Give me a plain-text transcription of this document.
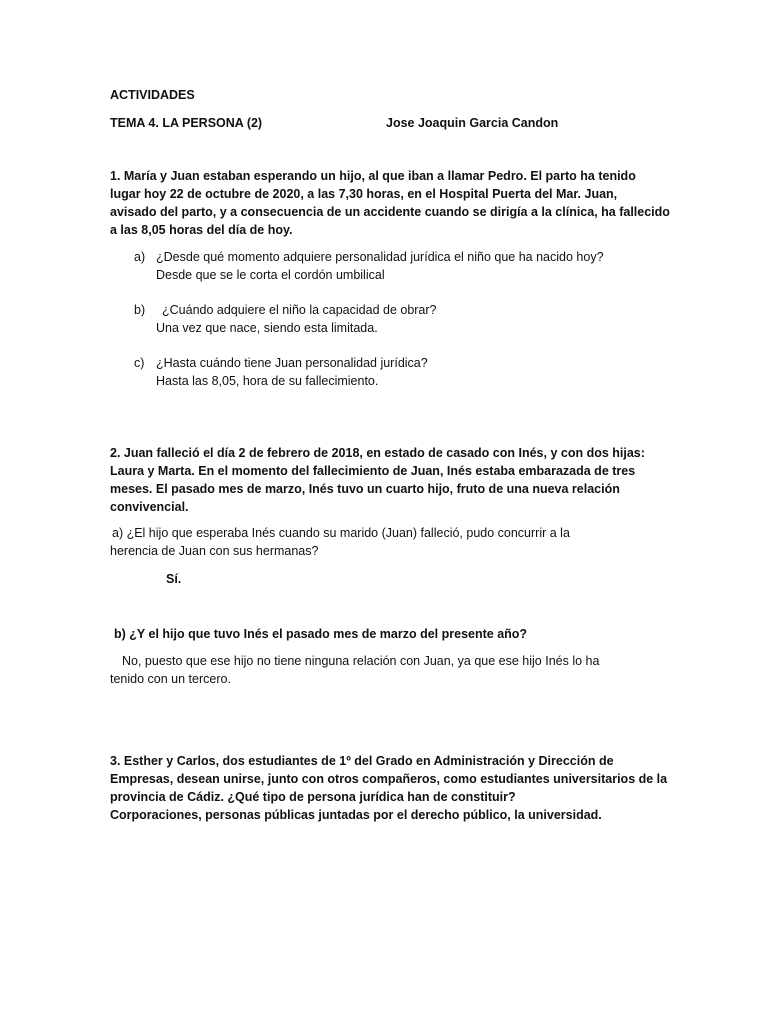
ACTIVIDADES
TEMA 4. LA PERSONA (2)	Jose Joaquin Garcia Candon
1. María y Juan estaban esperando un hijo, al que iban a llamar Pedro. El parto ha tenido
lugar hoy 22 de octubre de 2020, a las 7,30 horas, en el Hospital Puerta del Mar. Juan,
avisado del parto, y a consecuencia de un accidente cuando se dirigía a la clínica, ha fallecido
a las 8,05 horas del día de hoy.
a) ¿Desde qué momento adquiere personalidad jurídica el niño que ha nacido hoy?
Desde que se le corta el cordón umbilical
b) ¿Cuándo adquiere el niño la capacidad de obrar?
Una vez que nace, siendo esta limitada.
c) ¿Hasta cuándo tiene Juan personalidad jurídica?
Hasta las 8,05, hora de su fallecimiento.
2. Juan falleció el día 2 de febrero de 2018, en estado de casado con Inés, y con dos hijas:
Laura y Marta. En el momento del fallecimiento de Juan, Inés estaba embarazada de tres
meses. El pasado mes de marzo, Inés tuvo un cuarto hijo, fruto de una nueva relación
convivencial.
a) ¿El hijo que esperaba Inés cuando su marido (Juan) falleció, pudo concurrir a la
herencia de Juan con sus hermanas?
Sí.
b) ¿Y el hijo que tuvo Inés el pasado mes de marzo del presente año?
No, puesto que ese hijo no tiene ninguna relación con Juan, ya que ese hijo Inés lo ha
tenido con un tercero.
3. Esther y Carlos, dos estudiantes de 1º del Grado en Administración y Dirección de
Empresas, desean unirse, junto con otros compañeros, como estudiantes universitarios de la
provincia de Cádiz. ¿Qué tipo de persona jurídica han de constituir?
Corporaciones, personas públicas juntadas por el derecho público, la universidad.
